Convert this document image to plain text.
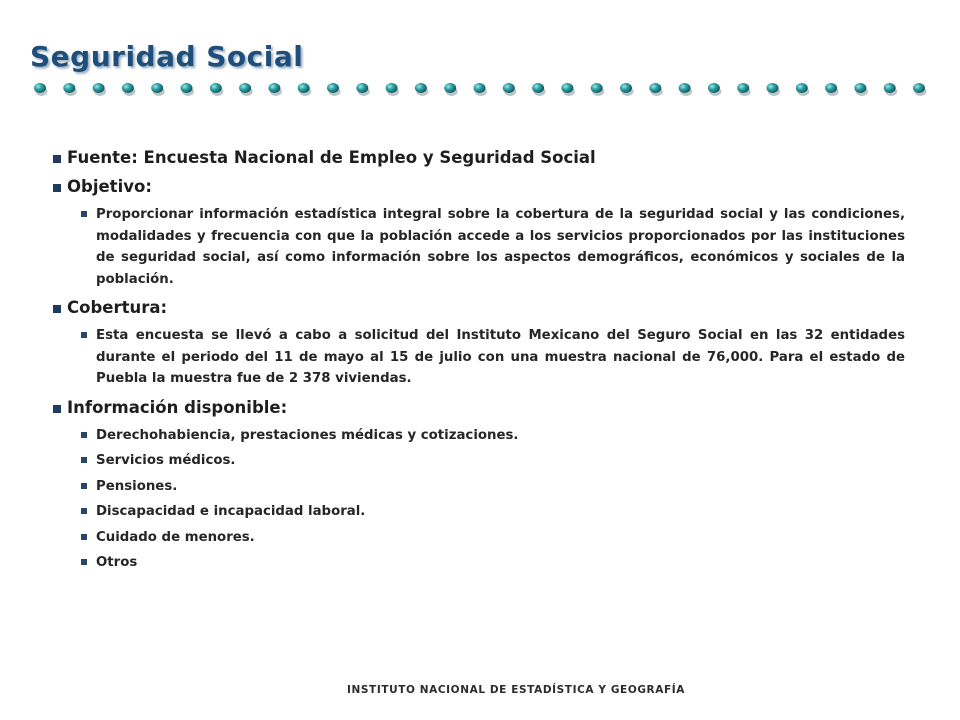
Seguridad Social
Fuente: Encuesta Nacional de Empleo y Seguridad Social
Objetivo:
Proporcionar información estadística integral sobre la cobertura de la seguridad social y las condiciones, modalidades y frecuencia con que la población accede a los servicios proporcionados por las instituciones de seguridad social, así como información sobre los aspectos demográficos, económicos y sociales de la población.
Cobertura:
Esta encuesta se llevó a cabo a solicitud del Instituto Mexicano del Seguro Social en las 32 entidades durante el periodo del 11 de mayo al 15 de julio con una muestra nacional de 76,000. Para el estado de Puebla la muestra fue de 2 378 viviendas.
Información disponible:
Derechohabiencia, prestaciones médicas y cotizaciones.
Servicios médicos.
Pensiones.
Discapacidad e incapacidad laboral.
Cuidado de menores.
Otros
INSTITUTO NACIONAL DE ESTADÍSTICA Y GEOGRAFÍA
